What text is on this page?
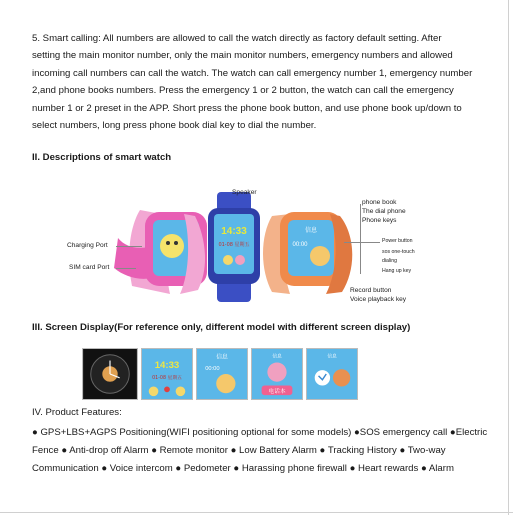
5. Smart calling: All numbers are allowed to call the watch directly as factory default setting. After
setting the main monitor number, only the main monitor numbers, emergency numbers and allowed
incoming call numbers can call the watch. The watch can call emergency number 1, emergency number
2,and phone books numbers. Press the emergency 1 or 2 button, the watch can call the emergency
number 1 or 2 preset in the APP. Short press the phone book button, and use phone book up/down to
select numbers, long press phone book dial key to dial the number.
II. Descriptions of smart watch
14:33
01-08 星期五
信息
00:00
Speaker
Charging Port
SIM card Port
phone book
The dial phone
Phone keys
Power button
sos one-touch
dialing
Hang up key
Record button
Voice playback key
III. Screen Display(For reference only, different model with different screen display)
14:33
01-08 星期五
信息
00:00
信息
电话本
信息
IV. Product Features:
● GPS+LBS+AGPS Positioning(WIFI positioning optional for some models) ●SOS emergency call ●Electric
Fence ● Anti-drop off Alarm ● Remote monitor ● Low Battery Alarm ● Tracking History ● Two-way
Communication ● Voice intercom ● Pedometer ● Harassing phone firewall ● Heart rewards ● Alarm
